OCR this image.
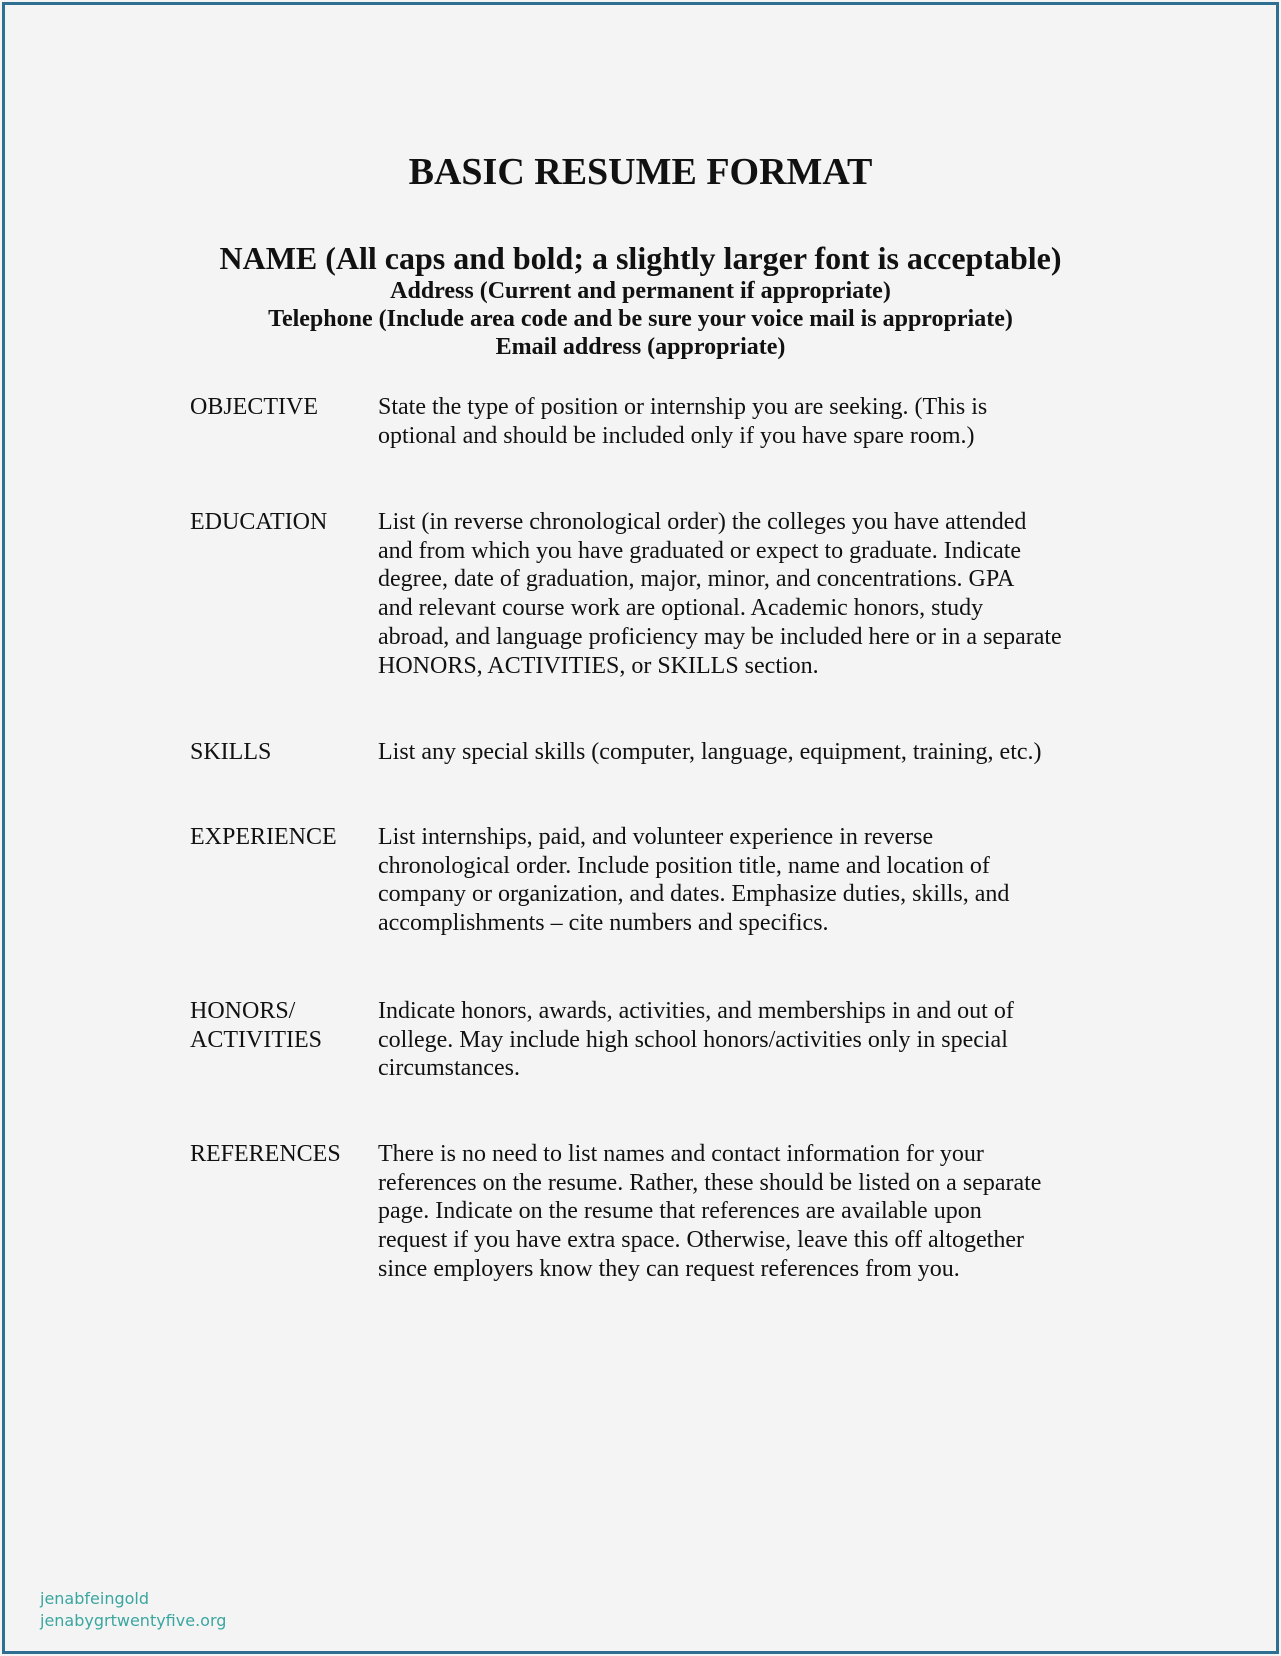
BASIC RESUME FORMAT
NAME (All caps and bold; a slightly larger font is acceptable)
Address (Current and permanent if appropriate)
Telephone (Include area code and be sure your voice mail is appropriate)
Email address (appropriate)
OBJECTIVE	State the type of position or internship you are seeking. (This is
optional and should be included only if you have spare room.)
EDUCATION List (in reverse chronological order) the colleges you have attended
and from which you have graduated or expect to graduate. Indicate
degree, date of graduation, major, minor, and concentrations. GPA
and relevant course work are optional. Academic honors, study
abroad, and language proficiency may be included here or in a separate
HONORS, ACTIVITIES, or SKILLS section.
SKILLS	List any special skills (computer, language, equipment, training, etc.)
EXPERIENCE List internships, paid, and volunteer experience in reverse
chronological order. Include position title, name and location of
company or organization, and dates. Emphasize duties, skills, and
accomplishments – cite numbers and specifics.
HONORS/
ACTIVITIES
Indicate honors, awards, activities, and memberships in and out of
college. May include high school honors/activities only in special
circumstances.
REFERENCES There is no need to list names and contact information for your
references on the resume. Rather, these should be listed on a separate
page. Indicate on the resume that references are available upon
request if you have extra space. Otherwise, leave this off altogether
since employers know they can request references from you.
jenabfeingold
jenabygrtwentyfive.org
